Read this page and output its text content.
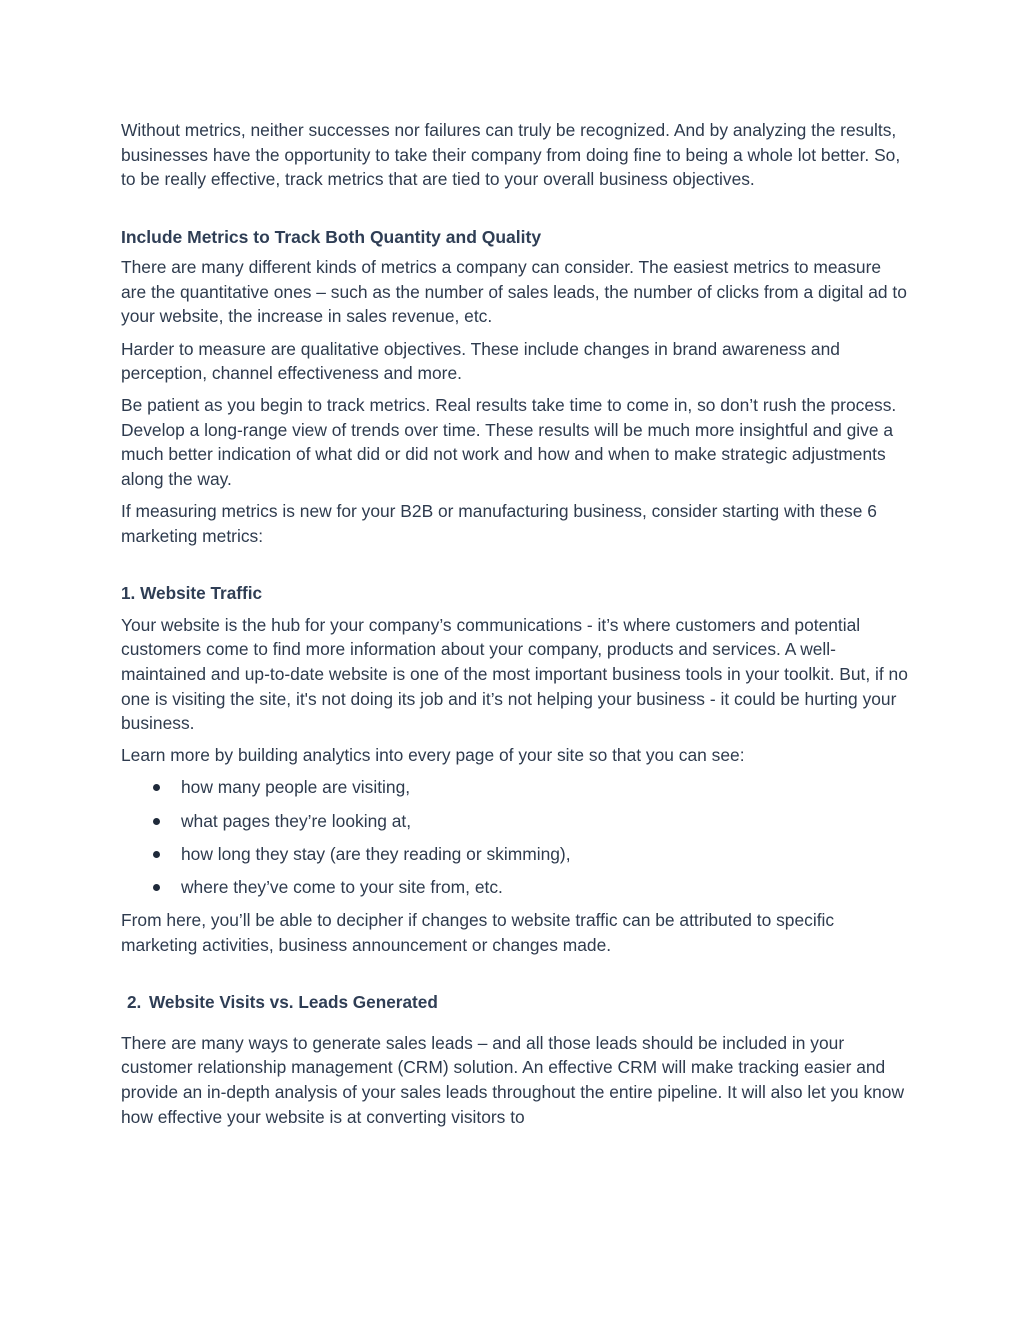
Without metrics, neither successes nor failures can truly be recognized. And by analyzing the results, businesses have the opportunity to take their company from doing fine to being a whole lot better. So, to be really effective, track metrics that are tied to your overall business objectives.

Include Metrics to Track Both Quantity and Quality

There are many different kinds of metrics a company can consider. The easiest metrics to measure are the quantitative ones – such as the number of sales leads, the number of clicks from a digital ad to your website, the increase in sales revenue, etc.

Harder to measure are qualitative objectives. These include changes in brand awareness and perception, channel effectiveness and more.

Be patient as you begin to track metrics. Real results take time to come in, so don’t rush the process. Develop a long-range view of trends over time. These results will be much more insightful and give a much better indication of what did or did not work and how and when to make strategic adjustments along the way.

If measuring metrics is new for your B2B or manufacturing business, consider starting with these 6 marketing metrics:

1. Website Traffic

Your website is the hub for your company’s communications - it’s where customers and potential customers come to find more information about your company, products and services. A well-maintained and up-to-date website is one of the most important business tools in your toolkit. But, if no one is visiting the site, it's not doing its job and it’s not helping your business - it could be hurting your business.

Learn more by building analytics into every page of your site so that you can see:

how many people are visiting,
what pages they’re looking at,
how long they stay (are they reading or skimming),
where they’ve come to your site from, etc.

From here, you’ll be able to decipher if changes to website traffic can be attributed to specific marketing activities, business announcement or changes made.

2. Website Visits vs. Leads Generated

There are many ways to generate sales leads – and all those leads should be included in your customer relationship management (CRM) solution. An effective CRM will make tracking easier and provide an in-depth analysis of your sales leads throughout the entire pipeline. It will also let you know how effective your website is at converting visitors to
